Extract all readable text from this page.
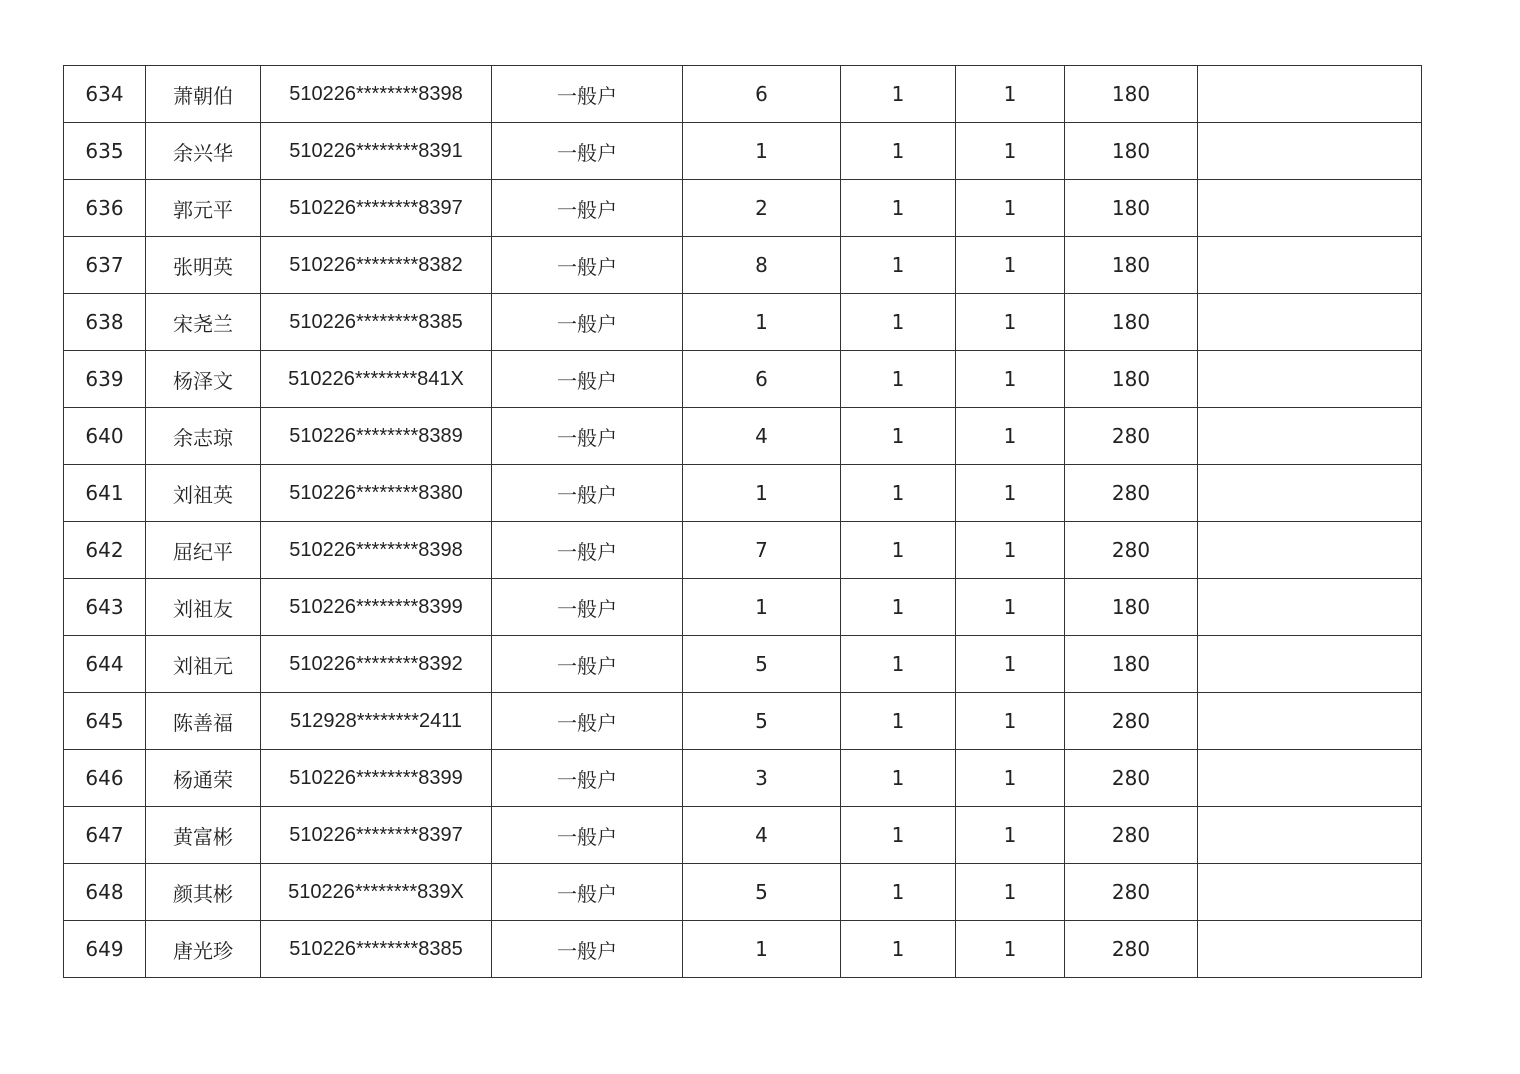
634	萧朝伯	510226********8398	一般户	6	1	1	180	
635	余兴华	510226********8391	一般户	1	1	1	180	
636	郭元平	510226********8397	一般户	2	1	1	180	
637	张明英	510226********8382	一般户	8	1	1	180	
638	宋尧兰	510226********8385	一般户	1	1	1	180	
639	杨泽文	510226********841X	一般户	6	1	1	180	
640	余志琼	510226********8389	一般户	4	1	1	280	
641	刘祖英	510226********8380	一般户	1	1	1	280	
642	屈纪平	510226********8398	一般户	7	1	1	280	
643	刘祖友	510226********8399	一般户	1	1	1	180	
644	刘祖元	510226********8392	一般户	5	1	1	180	
645	陈善福	512928********2411	一般户	5	1	1	280	
646	杨通荣	510226********8399	一般户	3	1	1	280	
647	黄富彬	510226********8397	一般户	4	1	1	280	
648	颜其彬	510226********839X	一般户	5	1	1	280	
649	唐光珍	510226********8385	一般户	1	1	1	280	
